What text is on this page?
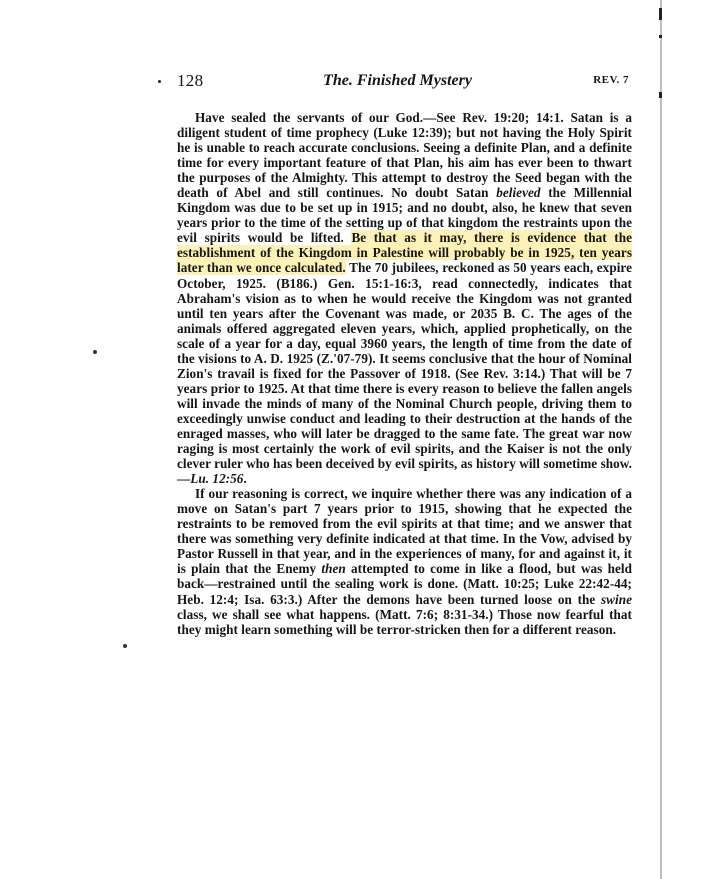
128	The. Finished Mystery	REV. 7

Have sealed the servants of our God.—See Rev. 19:20; 14:1. Satan is a diligent student of time prophecy (Luke 12:39); but not having the Holy Spirit he is unable to reach accurate conclusions. Seeing a definite Plan, and a definite time for every important feature of that Plan, his aim has ever been to thwart the purposes of the Almighty. This attempt to destroy the Seed began with the death of Abel and still continues. No doubt Satan believed the Millennial Kingdom was due to be set up in 1915; and no doubt, also, he knew that seven years prior to the time of the setting up of that kingdom the restraints upon the evil spirits would be lifted. Be that as it may, there is evidence that the establishment of the Kingdom in Palestine will probably be in 1925, ten years later than we once calculated. The 70 jubilees, reckoned as 50 years each, expire October, 1925. (B186.) Gen. 15:1-16:3, read connectedly, indicates that Abraham's vision as to when he would receive the Kingdom was not granted until ten years after the Covenant was made, or 2035 B. C. The ages of the animals offered aggregated eleven years, which, applied prophetically, on the scale of a year for a day, equal 3960 years, the length of time from the date of the visions to A. D. 1925 (Z.'07-79). It seems conclusive that the hour of Nominal Zion's travail is fixed for the Passover of 1918. (See Rev. 3:14.) That will be 7 years prior to 1925. At that time there is every reason to believe the fallen angels will invade the minds of many of the Nominal Church people, driving them to exceedingly unwise conduct and leading to their destruction at the hands of the enraged masses, who will later be dragged to the same fate. The great war now raging is most certainly the work of evil spirits, and the Kaiser is not the only clever ruler who has been deceived by evil spirits, as history will sometime show.—Lu. 12:56.

If our reasoning is correct, we inquire whether there was any indication of a move on Satan's part 7 years prior to 1915, showing that he expected the restraints to be removed from the evil spirits at that time; and we answer that there was something very definite indicated at that time. In the Vow, advised by Pastor Russell in that year, and in the experiences of many, for and against it, it is plain that the Enemy then attempted to come in like a flood, but was held back—restrained until the sealing work is done. (Matt. 10:25; Luke 22:42-44; Heb. 12:4; Isa. 63:3.) After the demons have been turned loose on the swine class, we shall see what happens. (Matt. 7:6; 8:31-34.) Those now fearful that they might learn something will be terror-stricken then for a different reason.
